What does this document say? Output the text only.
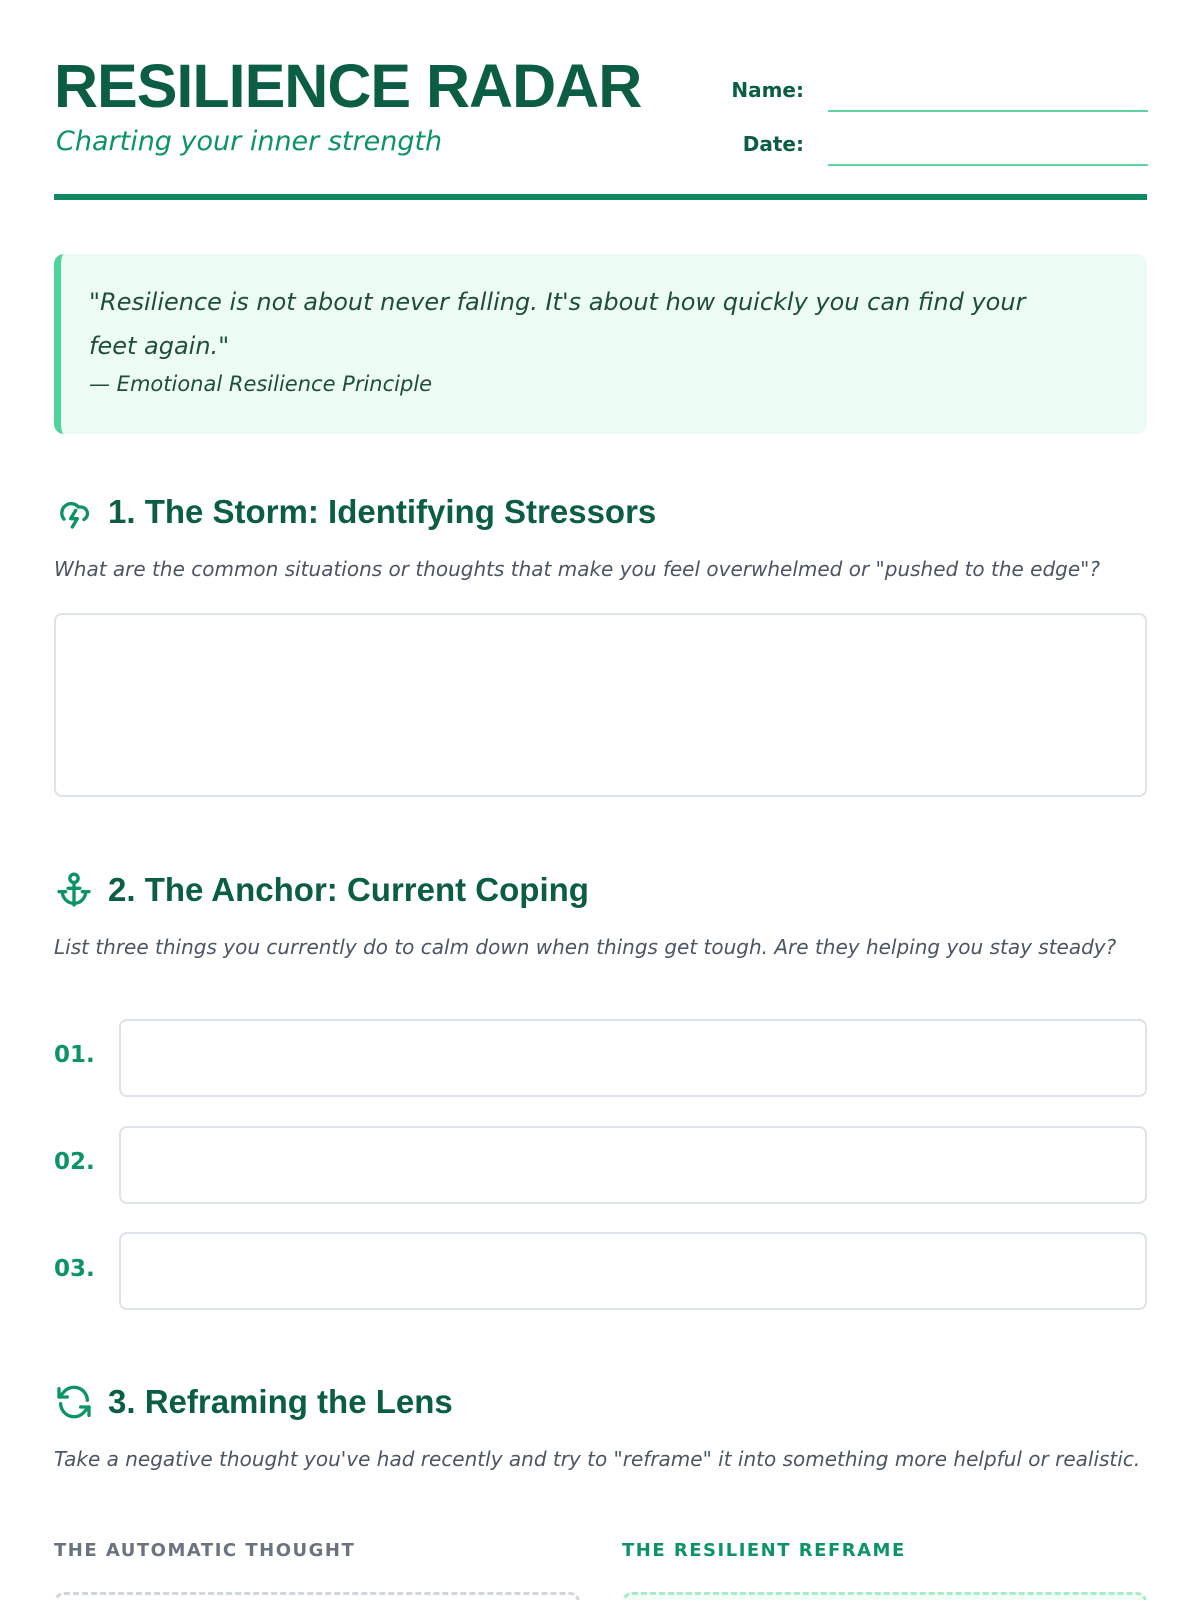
RESILIENCE RADAR
Charting your inner strength
Name:
Date:
"Resilience is not about never falling. It's about how quickly you can find your feet again."
— Emotional Resilience Principle
1. The Storm: Identifying Stressors
What are the common situations or thoughts that make you feel overwhelmed or "pushed to the edge"?
2. The Anchor: Current Coping
List three things you currently do to calm down when things get tough. Are they helping you stay steady?
01.
02.
03.
3. Reframing the Lens
Take a negative thought you've had recently and try to "reframe" it into something more helpful or realistic.
THE AUTOMATIC THOUGHT	THE RESILIENT REFRAME
